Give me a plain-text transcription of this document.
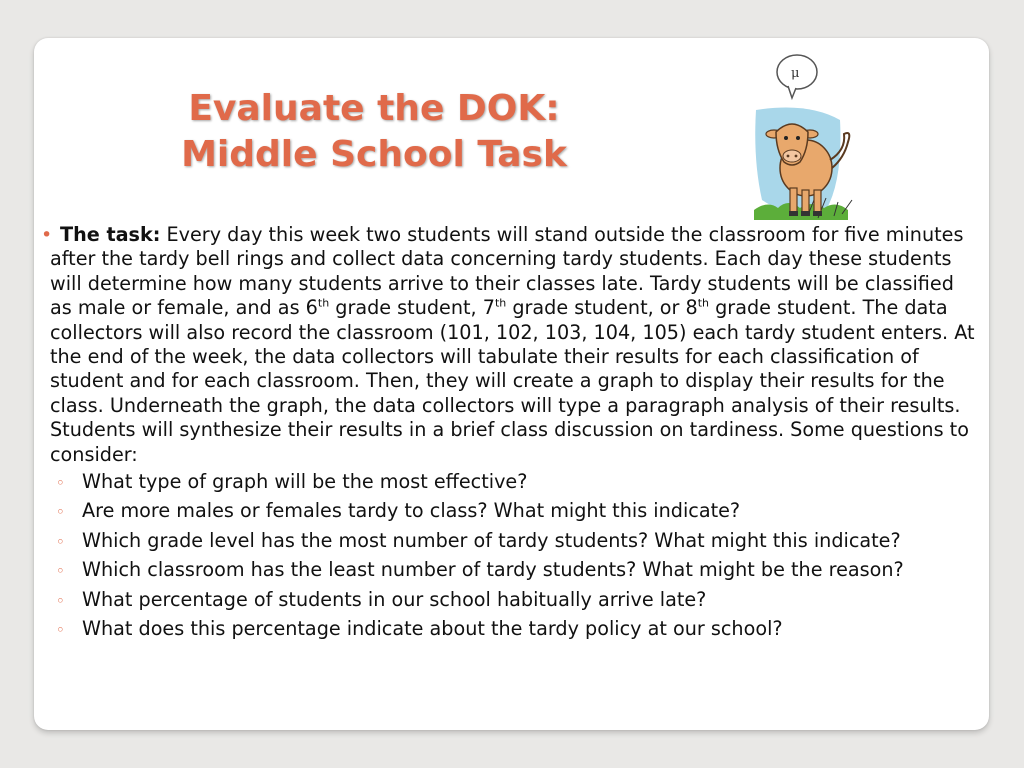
Evaluate the DOK:
Middle School Task
μ
• The task: Every day this week two students will stand outside the classroom for five minutes after the tardy bell rings and collect data concerning tardy students. Each day these students will determine how many students arrive to their classes late. Tardy students will be classified as male or female, and as 6th grade student, 7th grade student, or 8th grade student. The data collectors will also record the classroom (101, 102, 103, 104, 105) each tardy student enters. At the end of the week, the data collectors will tabulate their results for each classification of student and for each classroom. Then, they will create a graph to display their results for the class. Underneath the graph, the data collectors will type a paragraph analysis of their results. Students will synthesize their results in a brief class discussion on tardiness. Some questions to consider:

◦ What type of graph will be the most effective?
◦ Are more males or females tardy to class? What might this indicate?
◦ Which grade level has the most number of tardy students? What might this indicate?
◦ Which classroom has the least number of tardy students? What might be the reason?
◦ What percentage of students in our school habitually arrive late?
◦ What does this percentage indicate about the tardy policy at our school?
